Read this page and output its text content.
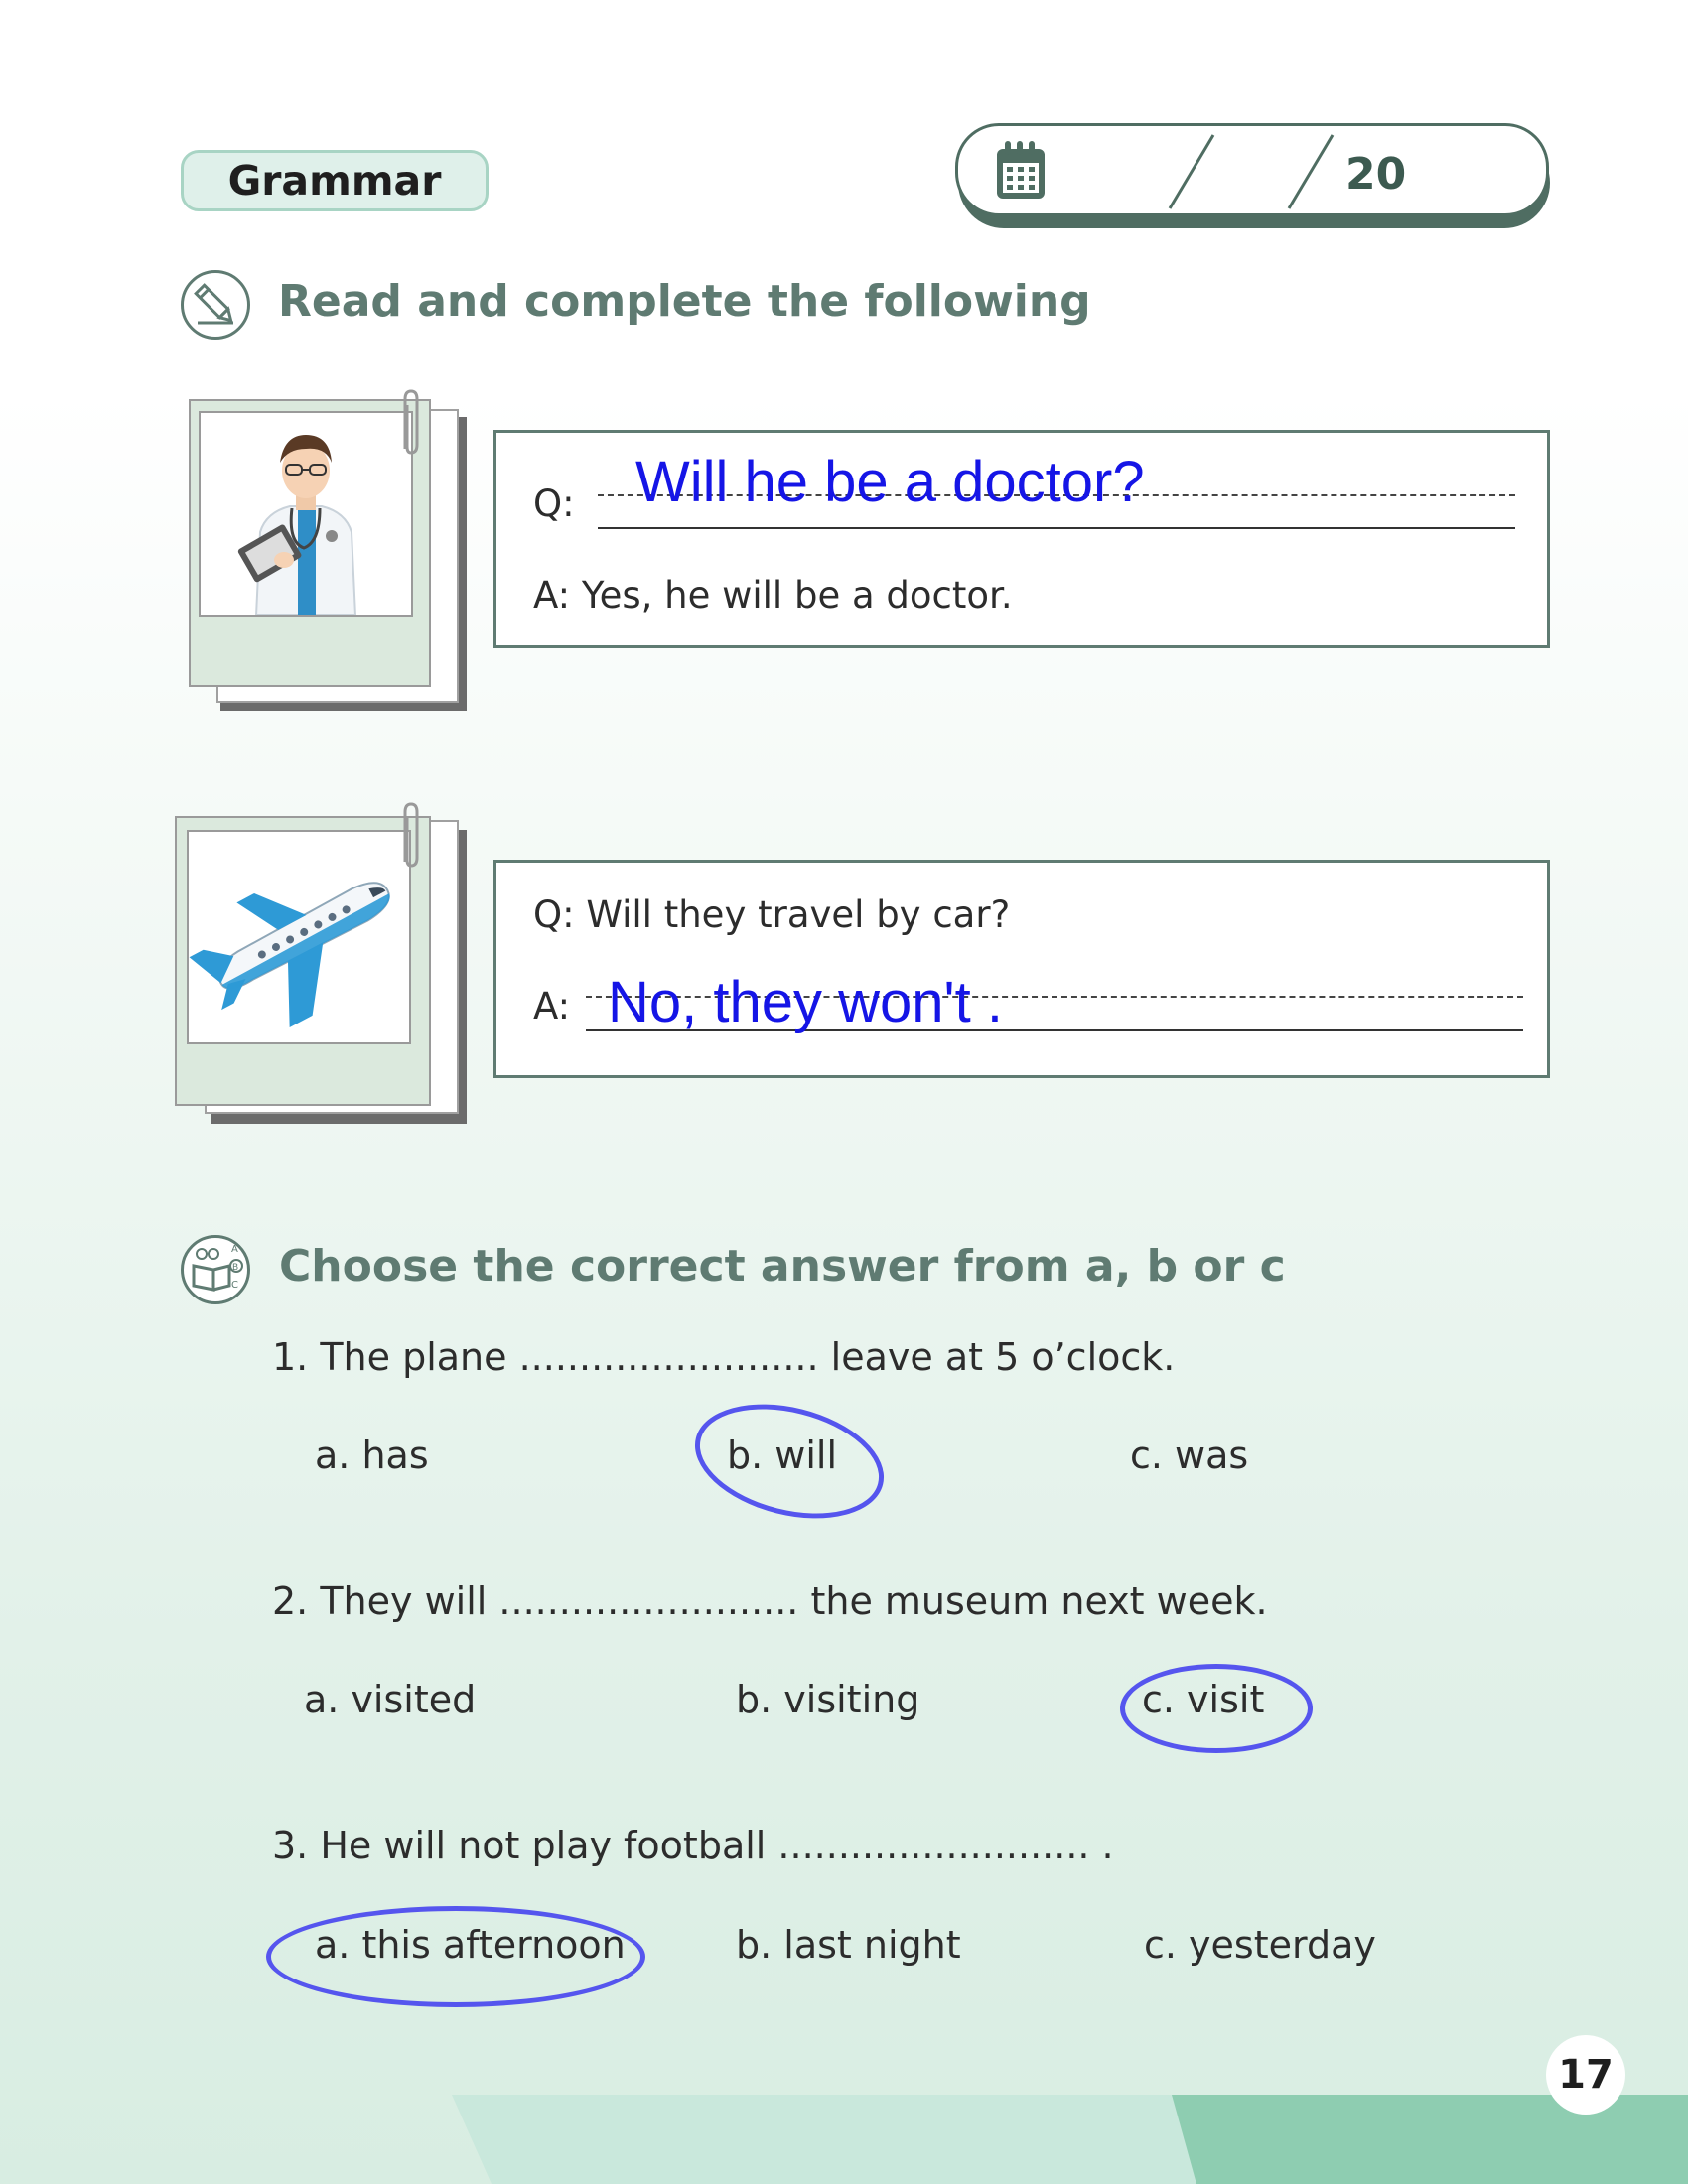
Grammar	20
Read and complete the following
Q: Will he be a doctor?
A: Yes, he will be a doctor.
Q: Will they travel by car?
A: No, they won't .
A
B
C Choose the correct answer from a, b or c
1. The plane ......................... leave at 5 o’clock.
a. has	b. will	c. was
2. They will ......................... the museum next week.
a. visited	b. visiting	c. visit
3. He will not play football .......................... .
a. this afternoon	b. last night	c. yesterday
17
